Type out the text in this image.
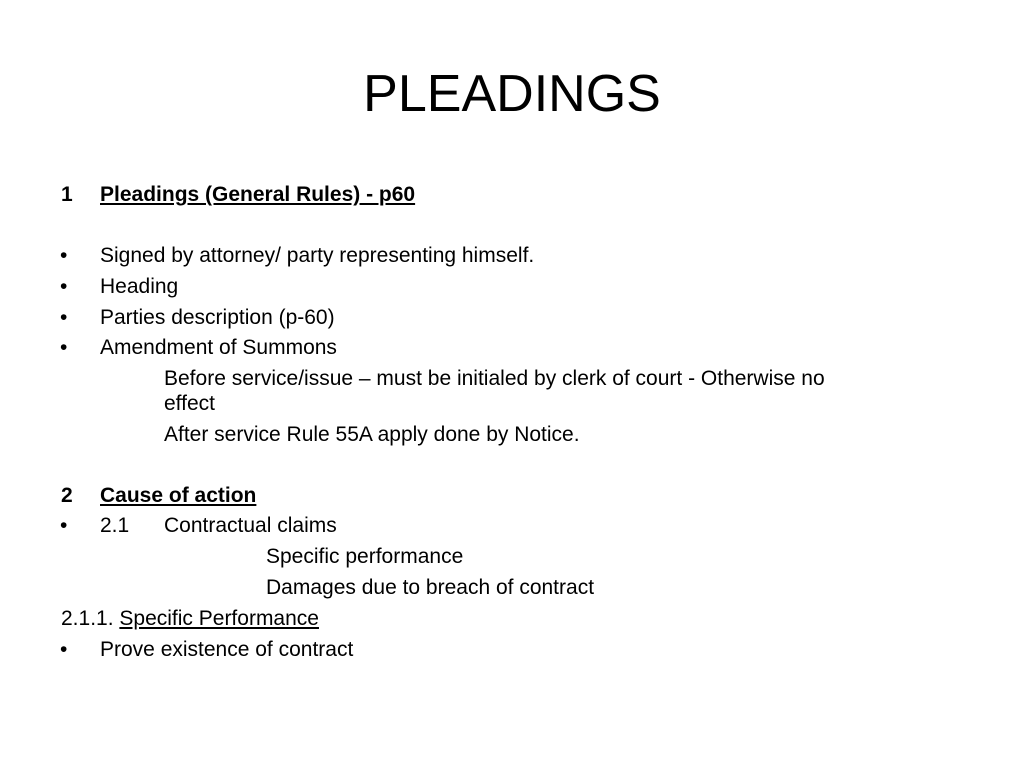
PLEADINGS
1 Pleadings (General Rules) - p60
• Signed by attorney/ party representing himself.
• Heading
• Parties description (p-60)
• Amendment of Summons
Before service/issue – must be initialed by clerk of court - Otherwise no
effect
After service Rule 55A apply done by Notice.
2 Cause of action
• 2.1 Contractual claims
Specific performance
Damages due to breach of contract
2.1.1. Specific Performance
• Prove existence of contract
